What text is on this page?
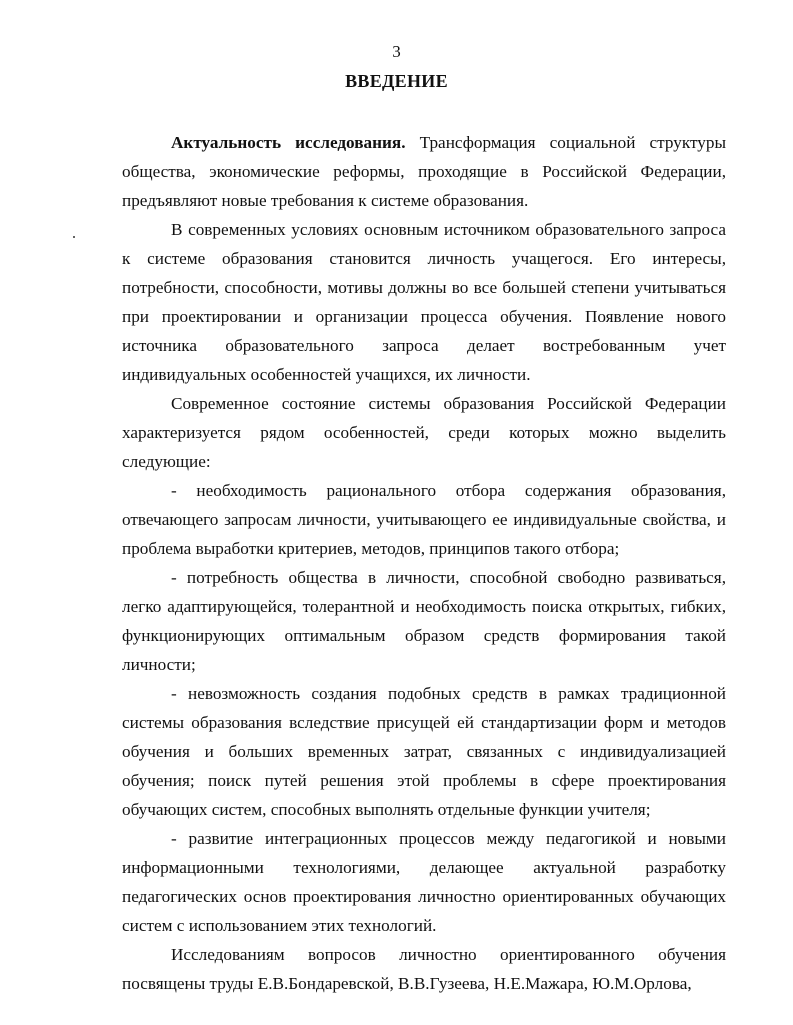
3
ВВЕДЕНИЕ

Актуальность исследования. Трансформация социальной структуры общества, экономические реформы, проходящие в Российской Федерации, предъявляют новые требования к системе образования.

В современных условиях основным источником образовательного запроса к системе образования становится личность учащегося. Его интересы, потребности, способности, мотивы должны во все большей степени учитываться при проектировании и организации процесса обучения. Появление нового источника образовательного запроса делает востребованным учет индивидуальных особенностей учащихся, их личности.

Современное состояние системы образования Российской Федерации характеризуется рядом особенностей, среди которых можно выделить следующие:

- необходимость рационального отбора содержания образования, отвечающего запросам личности, учитывающего ее индивидуальные свойства, и проблема выработки критериев, методов, принципов такого отбора;

- потребность общества в личности, способной свободно развиваться, легко адаптирующейся, толерантной и необходимость поиска открытых, гибких, функционирующих оптимальным образом средств формирования такой личности;

- невозможность создания подобных средств в рамках традиционной системы образования вследствие присущей ей стандартизации форм и методов обучения и больших временных затрат, связанных с индивидуализацией обучения; поиск путей решения этой проблемы в сфере проектирования обучающих систем, способных выполнять отдельные функции учителя;

- развитие интеграционных процессов между педагогикой и новыми информационными технологиями, делающее актуальной разработку педагогических основ проектирования личностно ориентированных обучающих систем с использованием этих технологий.

Исследованиям вопросов личностно ориентированного обучения посвящены труды Е.В.Бондаревской, В.В.Гузеева, Н.Е.Мажара, Ю.М.Орлова,
